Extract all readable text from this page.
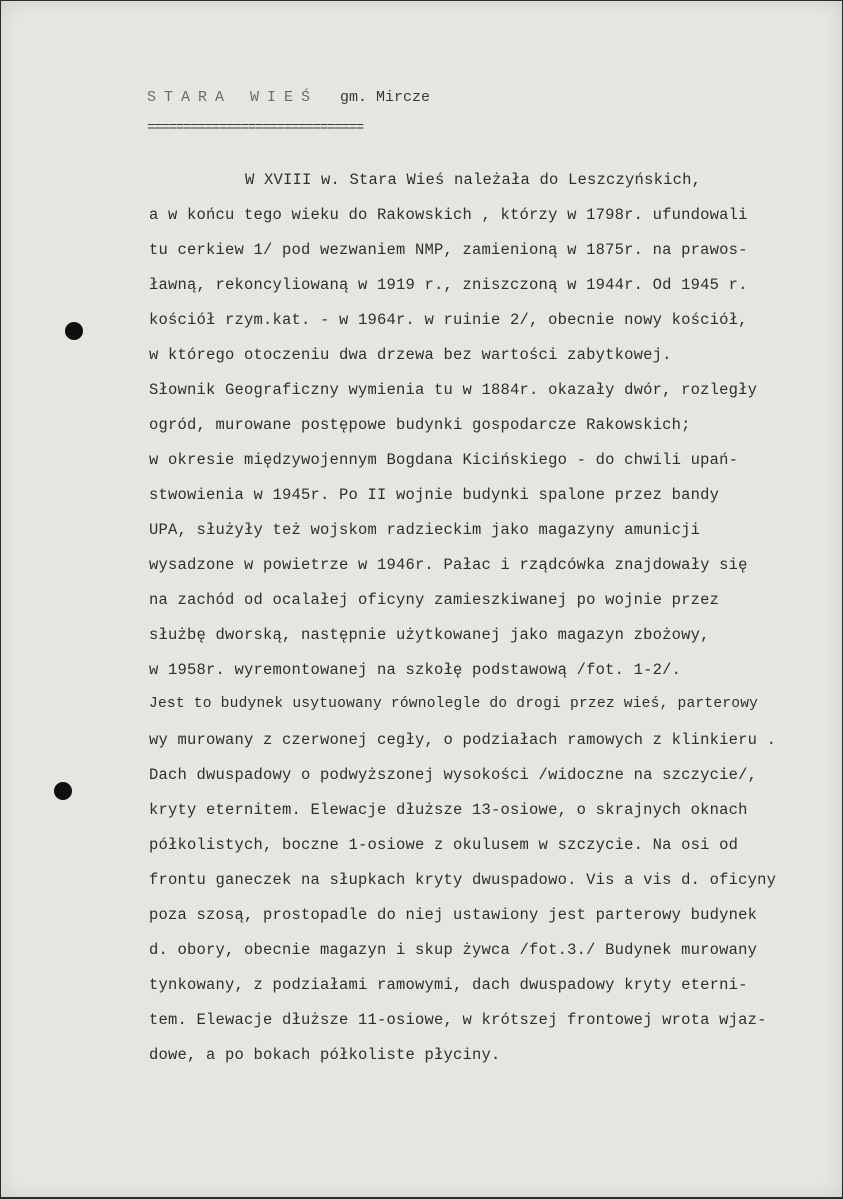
STARA WIEŚ gm. Mircze
==============================
W XVIII w. Stara Wieś należała do Leszczyńskich,
a w końcu tego wieku do Rakowskich , którzy w 1798r. ufundowali
tu cerkiew 1/ pod wezwaniem NMP, zamienioną w 1875r. na prawos-
ławną, rekoncyliowaną w 1919 r., zniszczoną w 1944r. Od 1945 r.
kościół rzym.kat. - w 1964r. w ruinie 2/, obecnie nowy kościół,
w którego otoczeniu dwa drzewa bez wartości zabytkowej.
Słownik Geograficzny wymienia tu w 1884r. okazały dwór, rozległy
ogród, murowane postępowe budynki gospodarcze Rakowskich;
w okresie międzywojennym Bogdana Kicińskiego - do chwili upań-
stwowienia w 1945r. Po II wojnie budynki spalone przez bandy
UPA, służyły też wojskom radzieckim jako magazyny amunicji
wysadzone w powietrze w 1946r. Pałac i rządcówka znajdowały się
na zachód od ocalałej oficyny zamieszkiwanej po wojnie przez
służbę dworską, następnie użytkowanej jako magazyn zbożowy,
w 1958r. wyremontowanej na szkołę podstawową /fot. 1-2/.
Jest to budynek usytuowany równolegle do drogi przez wieś, parterowy
wy murowany z czerwonej cegły, o podziałach ramowych z klinkieru .
Dach dwuspadowy o podwyższonej wysokości /widoczne na szczycie/,
kryty eternitem. Elewacje dłuższe 13-osiowe, o skrajnych oknach
półkolistych, boczne 1-osiowe z okulusem w szczycie. Na osi od
frontu ganeczek na słupkach kryty dwuspadowo. Vis a vis d. oficyny
poza szosą, prostopadle do niej ustawiony jest parterowy budynek
d. obory, obecnie magazyn i skup żywca /fot.3./ Budynek murowany
tynkowany, z podziałami ramowymi, dach dwuspadowy kryty eterni-
tem. Elewacje dłuższe 11-osiowe, w krótszej frontowej wrota wjaz-
dowe, a po bokach półkoliste płyciny.
